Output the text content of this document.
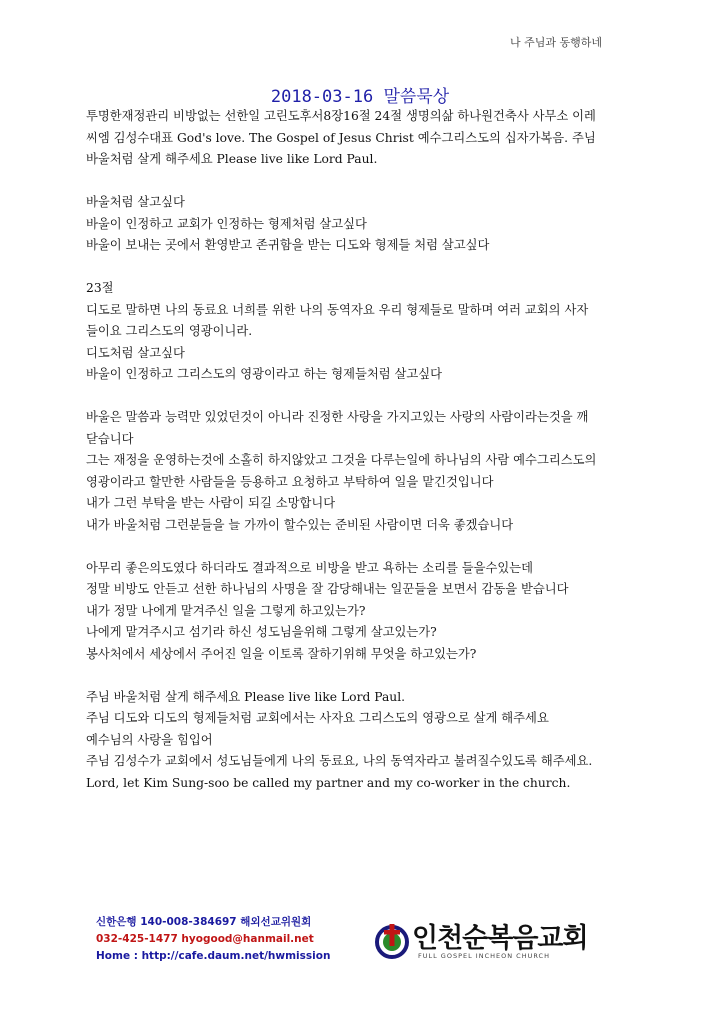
나 주님과 동행하네
2018-03-16 말씀묵상
투명한재정관리 비방없는 선한일 고린도후서8장16절 24절 생명의삶 하나원건축사 사무소 이레씨엠 김성수대표 God's love. The Gospel of Jesus Christ 예수그리스도의 십자가복음. 주님 바울처럼 살게 해주세요 Please live like Lord Paul.
바울처럼 살고싶다
바울이 인정하고 교회가 인정하는 형제처럼 살고싶다
바울이 보내는 곳에서 환영받고 존귀함을 받는 디도와 형제들 처럼 살고싶다
23절
디도로 말하면 나의 동료요 너희를 위한 나의 동역자요 우리 형제들로 말하며 여러 교회의 사자들이요 그리스도의 영광이니라.
디도처럼 살고싶다
바울이 인정하고 그리스도의 영광이라고 하는 형제들처럼 살고싶다
바울은 말씀과 능력만 있었던것이 아니라 진정한 사랑을 가지고있는 사랑의 사람이라는것을 깨닫습니다
그는 재정을 운영하는것에 소홀히 하지않았고 그것을 다루는일에 하나님의 사람 예수그리스도의 영광이라고 할만한 사람들을 등용하고 요청하고 부탁하여 일을 맡긴것입니다
내가 그런 부탁을 받는 사람이 되길 소망합니다
내가 바울처럼 그런분들을 늘 가까이 할수있는 준비된 사람이면 더욱 좋겠습니다
아무리 좋은의도였다 하더라도 결과적으로 비방을 받고 욕하는 소리를 들을수있는데
정말 비방도 안듣고 선한 하나님의 사명을 잘 감당해내는 일꾼들을 보면서 감동을 받습니다
내가 정말 나에게 맡겨주신 일을 그렇게 하고있는가?
나에게 맡겨주시고 섬기라 하신 성도님을위해 그렇게 살고있는가?
봉사처에서 세상에서 주어진 일을 이토록 잘하기위해 무엇을 하고있는가?
주님 바울처럼 살게 해주세요 Please live like Lord Paul.
주님 디도와 디도의 형제들처럼 교회에서는 사자요 그리스도의 영광으로 살게 해주세요
예수님의 사랑을 힘입어
주님 김성수가 교회에서 성도님들에게 나의 동료요, 나의 동역자라고 불려질수있도록 해주세요. Lord, let Kim Sung-soo be called my partner and my co-worker in the church.
신한은행 140-008-384697 해외선교위원회
032-425-1477 hyogood@hanmail.net
Home : http://cafe.daum.net/hwmission
인천순복음교회
FULL GOSPEL INCHEON CHURCH
